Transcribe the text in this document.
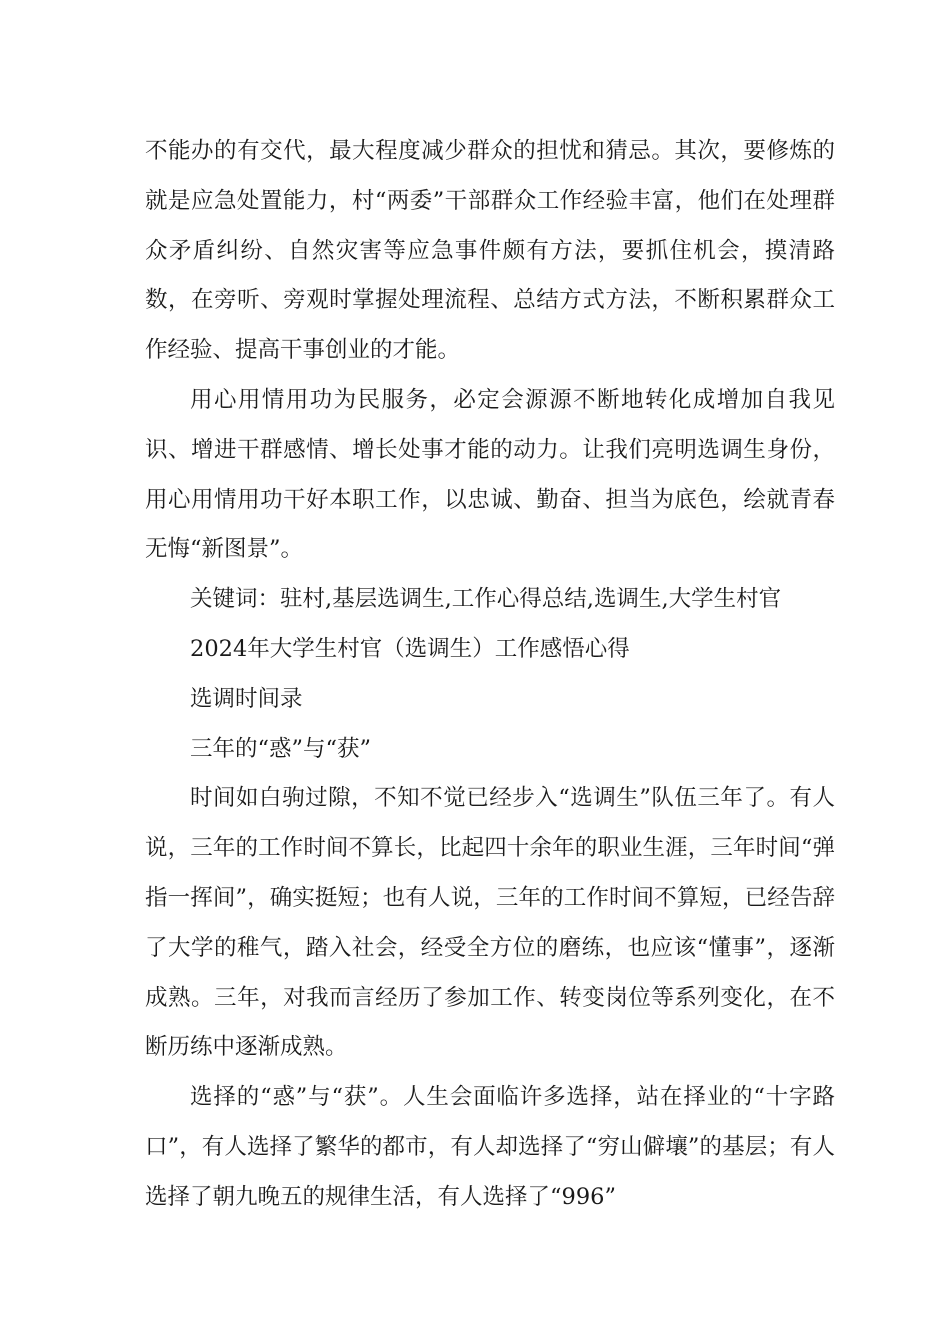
不能办的有交代，最大程度减少群众的担忧和猜忌。其次，要修炼的就是应急处置能力，村“两委”干部群众工作经验丰富，他们在处理群众矛盾纠纷、自然灾害等应急事件颇有方法，要抓住机会，摸清路数，在旁听、旁观时掌握处理流程、总结方式方法，不断积累群众工作经验、提高干事创业的才能。

用心用情用功为民服务，必定会源源不断地转化成增加自我见识、增进干群感情、增长处事才能的动力。让我们亮明选调生身份，用心用情用功干好本职工作，以忠诚、勤奋、担当为底色，绘就青春无悔“新图景”。

关键词：驻村,基层选调生,工作心得总结,选调生,大学生村官

2024年大学生村官（选调生）工作感悟心得

选调时间录

三年的“惑”与“获”

时间如白驹过隙，不知不觉已经步入“选调生”队伍三年了。有人说，三年的工作时间不算长，比起四十余年的职业生涯，三年时间“弹指一挥间”，确实挺短；也有人说，三年的工作时间不算短，已经告辞了大学的稚气，踏入社会，经受全方位的磨练，也应该“懂事”，逐渐成熟。三年，对我而言经历了参加工作、转变岗位等系列变化，在不断历练中逐渐成熟。

选择的“惑”与“获”。人生会面临许多选择，站在择业的“十字路口”，有人选择了繁华的都市，有人却选择了“穷山僻壤”的基层；有人选择了朝九晚五的规律生活，有人选择了“996”
